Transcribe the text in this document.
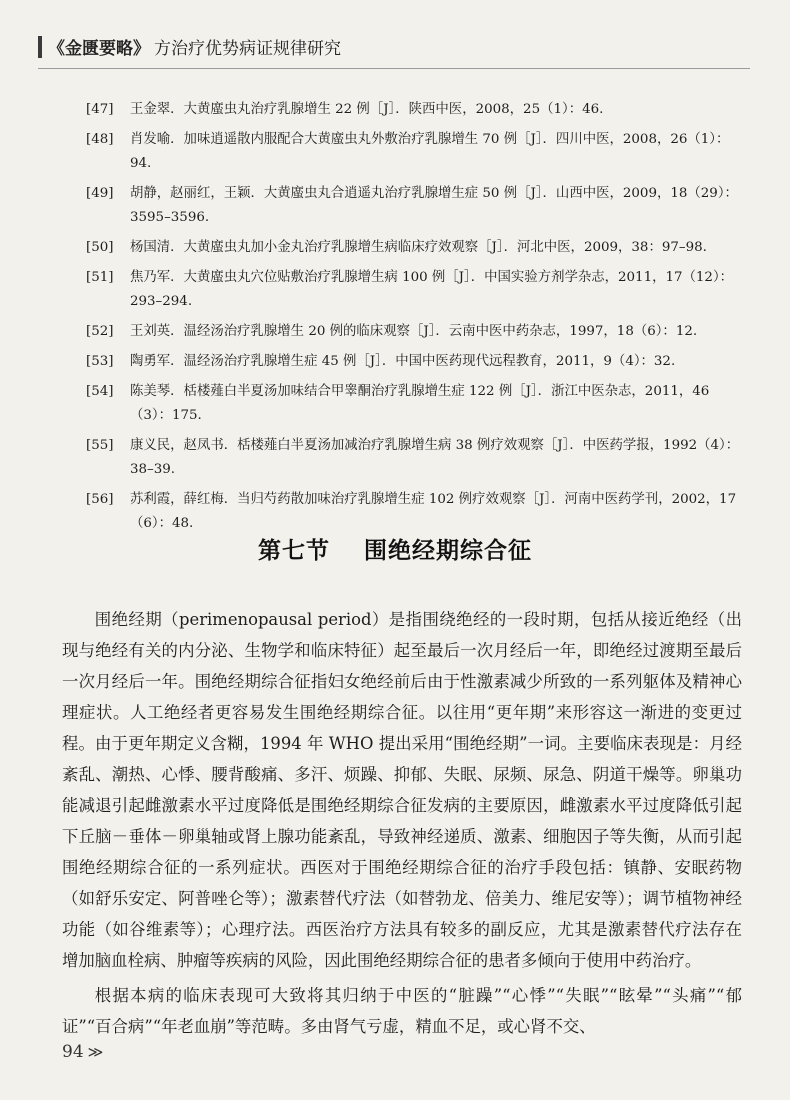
《金匮要略》 方治疗优势病证规律研究
[47]	王金翠．大黄䗪虫丸治疗乳腺增生 22 例［J］．陕西中医，2008，25（1）：46.
[48]	肖发喻．加味逍遥散内服配合大黄䗪虫丸外敷治疗乳腺增生 70 例［J］．四川中医，2008，26（1）：94.
[49]	胡静，赵丽红，王颖．大黄䗪虫丸合逍遥丸治疗乳腺增生症 50 例［J］．山西中医，2009，18（29）：3595–3596.
[50]	杨国清．大黄䗪虫丸加小金丸治疗乳腺增生病临床疗效观察［J］．河北中医，2009，38：97–98.
[51]	焦乃军．大黄䗪虫丸穴位贴敷治疗乳腺增生病 100 例［J］．中国实验方剂学杂志，2011，17（12）：293–294.
[52]	王刘英．温经汤治疗乳腺增生 20 例的临床观察［J］．云南中医中药杂志，1997，18（6）：12.
[53]	陶勇军．温经汤治疗乳腺增生症 45 例［J］．中国中医药现代远程教育，2011，9（4）：32.
[54]	陈美琴．栝楼薤白半夏汤加味结合甲睾酮治疗乳腺增生症 122 例［J］．浙江中医杂志，2011，46（3）：175.
[55]	康义民，赵凤书．栝楼薤白半夏汤加减治疗乳腺增生病 38 例疗效观察［J］．中医药学报，1992（4）：38–39.
[56]	苏利霞，薛红梅．当归芍药散加味治疗乳腺增生症 102 例疗效观察［J］．河南中医药学刊，2002，17（6）：48.
第七节 围绝经期综合征

围绝经期（perimenopausal period）是指围绕绝经的一段时期，包括从接近绝经（出现与绝经有关的内分泌、生物学和临床特征）起至最后一次月经后一年，即绝经过渡期至最后一次月经后一年。围绝经期综合征指妇女绝经前后由于性激素减少所致的一系列躯体及精神心理症状。人工绝经者更容易发生围绝经期综合征。以往用“更年期”来形容这一渐进的变更过程。由于更年期定义含糊，1994 年 WHO 提出采用“围绝经期”一词。主要临床表现是：月经紊乱、潮热、心悸、腰背酸痛、多汗、烦躁、抑郁、失眠、尿频、尿急、阴道干燥等。卵巢功能减退引起雌激素水平过度降低是围绝经期综合征发病的主要原因，雌激素水平过度降低引起下丘脑－垂体－卵巢轴或肾上腺功能紊乱，导致神经递质、激素、细胞因子等失衡，从而引起围绝经期综合征的一系列症状。西医对于围绝经期综合征的治疗手段包括：镇静、安眠药物（如舒乐安定、阿普唑仑等）；激素替代疗法（如替勃龙、倍美力、维尼安等）；调节植物神经功能（如谷维素等）；心理疗法。西医治疗方法具有较多的副反应，尤其是激素替代疗法存在增加脑血栓病、肿瘤等疾病的风险，因此围绝经期综合征的患者多倾向于使用中药治疗。

根据本病的临床表现可大致将其归纳于中医的“脏躁”“心悸”“失眠”“眩晕”“头痛”“郁证”“百合病”“年老血崩”等范畴。多由肾气亏虚，精血不足，或心肾不交、

94 ≫
